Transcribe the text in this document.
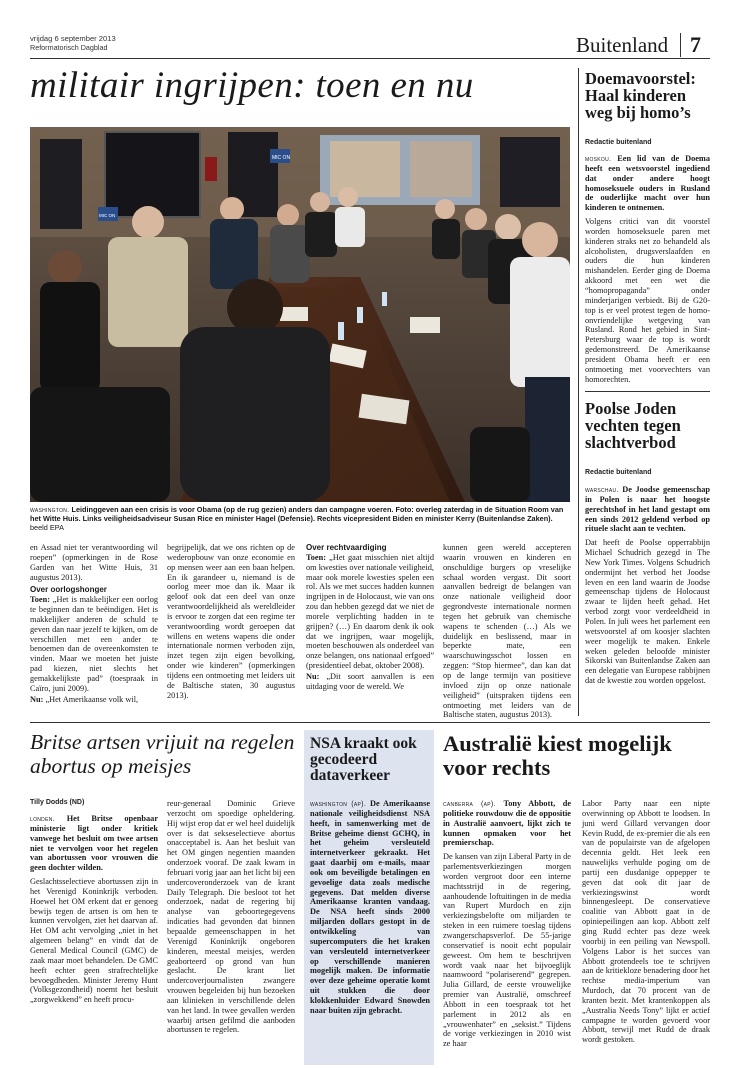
vrijdag 6 september 2013
Reformatorisch Dagblad	Buitenland 7
militair ingrijpen: toen en nu
MIC ON
MIC ON
washington. Leidinggeven aan een crisis is voor Obama (op de rug gezien) anders dan campagne voeren. Foto: overleg zaterdag in de Situation Room van het Witte Huis. Links veiligheidsadviseur Susan Rice en minister Hagel (Defensie). Rechts vicepresident Biden en minister Kerry (Buitenlandse Zaken). beeld EPA

en Assad niet ter verantwoording wil roepen” (opmerkingen in de Rose Garden van het Witte Huis, 31 augustus 2013).

Over oorlogshonger

Toen: „Het is makkelijker een oorlog te beginnen dan te beëindigen. Het is makkelijker anderen de schuld te geven dan naar jezelf te kijken, om de verschillen met een ander te benoemen dan de overeenkomsten te vinden. Maar we moeten het juiste pad kiezen, niet slechts het gemakkelijkste pad” (toespraak in Caïro, juni 2009).

Nu: „Het Amerikaanse volk wil,

begrijpelijk, dat we ons richten op de wederopbouw van onze economie en op mensen weer aan een baan helpen. En ik garandeer u, niemand is de oorlog meer moe dan ik. Maar ik geloof ook dat een deel van onze verantwoordelijkheid als wereldleider is ervoor te zorgen dat een regime ter verantwoording wordt geroepen dat willens en wetens wapens die onder internationale normen verboden zijn, inzet tegen zijn eigen bevolking, onder wie kinderen” (opmerkingen tijdens een ontmoeting met leiders uit de Baltische staten, 30 augustus 2013).
Over rechtvaardiging

Toen: „Het gaat misschien niet altijd om kwesties over nationale veiligheid, maar ook morele kwesties spelen een rol. Als we met succes hadden kunnen ingrijpen in de Holocaust, wie van ons zou dan hebben gezegd dat we niet de morele verplichting hadden in te grijpen? (…) En daarom denk ik ook dat we ingrijpen, waar mogelijk, moeten beschouwen als onderdeel van onze belangen, ons nationaal erfgoed” (presidentieel debat, oktober 2008).

Nu: „Dit soort aanvallen is een uitdaging voor de wereld. We

kunnen geen wereld accepteren waarin vrouwen en kinderen en onschuldige burgers op vreselijke schaal worden vergast. Dit soort aanvallen bedreigt de belangen van onze nationale veiligheid door gegrondveste internationale normen tegen het gebruik van chemische wapens te schenden (…) Als we duidelijk en beslissend, maar in beperkte mate, een waarschuwingsschot lossen en zeggen: “Stop hiermee”, dan kan dat op de lange termijn van positieve invloed zijn op onze nationale veiligheid” (uitspraken tijdens een ontmoeting met leiders van de Baltische staten, augustus 2013).
Doemavoorstel: Haal kinderen weg bij homo’s
Redactie buitenland

moskou. Een lid van de Doema heeft een wetsvoorstel ingediend dat onder andere hoogt homoseksuele ouders in Rusland de ouderlijke macht over hun kinderen te ontnemen.

Volgens critici van dit voorstel worden homoseksuele paren met kinderen straks net zo behandeld als alcoholisten, drugsverslaafden en ouders die hun kinderen mishandelen. Eerder ging de Doema akkoord met een wet die “homopropaganda” onder minderjarigen verbiedt. Bij de G20-top is er veel protest tegen de homo-onvriendelijke wetgeving van Rusland. Rond het gebied in Sint-Petersburg waar de top is wordt gedemonstreerd. De Amerikaanse president Obama heeft er een ontmoeting met voorvechters van homorechten.

Poolse Joden vechten tegen slachtverbod
Redactie buitenland

warschau. De Joodse gemeenschap in Polen is naar het hoogste gerechtshof in het land gestapt om een sinds 2012 geldend verbod op rituele slacht aan te vechten.

Dat heeft de Poolse opperrabbijn Michael Schudrich gezegd in The New York Times. Volgens Schudrich ondermijnt het verbod het Joodse leven en een land waarin de Joodse gemeenschap tijdens de Holocaust zwaar te lijden heeft gehad. Het verbod zorgt voor verdeeldheid in Polen. In juli wees het parlement een wetsvoorstel af om koosjer slachten weer mogelijk te maken. Enkele weken geleden beloofde minister Sikorski van Buitenlandse Zaken aan een delegatie van Europese rabbijnen dat de kwestie zou worden opgelost.

Britse artsen vrijuit na regelen abortus op meisjes
Tilly Dodds (ND)

londen. Het Britse openbaar ministerie ligt onder kritiek vanwege het besluit om twee artsen niet te vervolgen voor het regelen van abortussen voor vrouwen die geen dochter wilden.

Geslachtsselectieve abortussen zijn in het Verenigd Koninkrijk verboden. Hoewel het OM erkent dat er genoeg bewijs tegen de artsen is om hen te kunnen vervolgen, ziet het daarvan af. Het OM acht vervolging „niet in het algemeen belang” en vindt dat de General Medical Council (GMC) de zaak maar moet behandelen. De GMC heeft echter geen strafrechtelijke bevoegdheden. Minister Jeremy Hunt (Volksgezondheid) noemt het besluit „zorgwekkend” en heeft procu-

reur-generaal Dominic Grieve verzocht om spoedige opheldering. Hij wijst erop dat er wel heel duidelijk over is dat sekseselectieve abortus onacceptabel is. Aan het besluit van het OM gingen negentien maanden onderzoek vooraf. De zaak kwam in februari vorig jaar aan het licht bij een undercoveronderzoek van de krant Daily Telegraph. Die besloot tot het onderzoek, nadat de regering bij analyse van geboortegegevens indicaties had gevonden dat binnen bepaalde gemeenschappen in het Verenigd Koninkrijk ongeboren kinderen, meestal meisjes, werden geaborteerd op grond van hun geslacht. De krant liet undercoverjournalisten zwangere vrouwen begeleiden bij hun bezoeken aan klinieken in verschillende delen van het land. In twee gevallen werden waarbij artsen gefilmd die aanboden abortussen te regelen.
NSA kraakt ook gecodeerd dataverkeer
washington (ap). De Amerikaanse nationale veiligheidsdienst NSA heeft, in samenwerking met de Britse geheime dienst GCHQ, in het geheim versleuteld internetverkeer gekraakt. Het gaat daarbij om e-mails, maar ook om beveiligde betalingen en gevoelige data zoals medische gegevens. Dat melden diverse Amerikaanse kranten vandaag. De NSA heeft sinds 2000 miljarden dollars gestopt in de ontwikkeling van supercomputers die het kraken van versleuteld internetverkeer op verschillende manieren mogelijk maken. De informatie over deze geheime operatie komt uit stukken die door klokkenluider Edward Snowden naar buiten zijn gebracht.
Australië kiest mogelijk voor rechts

canberra (ap). Tony Abbott, de politieke rouwdouw die de oppositie in Australië aanvoert, lijkt zich te kunnen opmaken voor het premierschap.

De kansen van zijn Liberal Party in de parlementsverkiezingen morgen worden vergroot door een interne machtsstrijd in de regering, aanhoudende loftuitingen in de media van Rupert Murdoch en zijn verkiezingsbelofte om miljarden te steken in een ruimere toeslag tijdens zwangerschapsverlof. De 55-jarige conservatief is nooit echt populair geweest. Om hem te beschrijven wordt vaak naar het bijvoeglijk naamwoord “polariserend” gegrepen. Julia Gillard, de eerste vrouwelijke premier van Australië, omschreef Abbott in een toespraak tot het parlement in 2012 als en „vrouwenhater” en „seksist.” Tijdens de vorige verkiezingen in 2010 wist ze haar

Labor Party naar een nipte overwinning op Abbott te loodsen. In juni werd Gillard vervangen door Kevin Rudd, de ex-premier die als een van de populairste van de afgelopen decennia geldt. Het leek een nauwelijks verhulde poging om de partij een dusdanige oppepper te geven dat ook dit jaar de verkiezingswinst wordt binnengesleept. De conservatieve coalitie van Abbott gaat in de opiniepeilingen aan kop. Abbott zelf ging Rudd echter pas deze week voorbij in een peiling van Newspoll. Volgens Labor is het succes van Abbott grotendeels toe te schrijven aan de kritiekloze benadering door het rechtse media-imperium van Murdoch, dat 70 procent van de kranten bezit. Met krantenkoppen als „Australia Needs Tony” lijkt er actief campagne te worden gevoerd voor Abbott, terwijl met Rudd de draak wordt gestoken.
